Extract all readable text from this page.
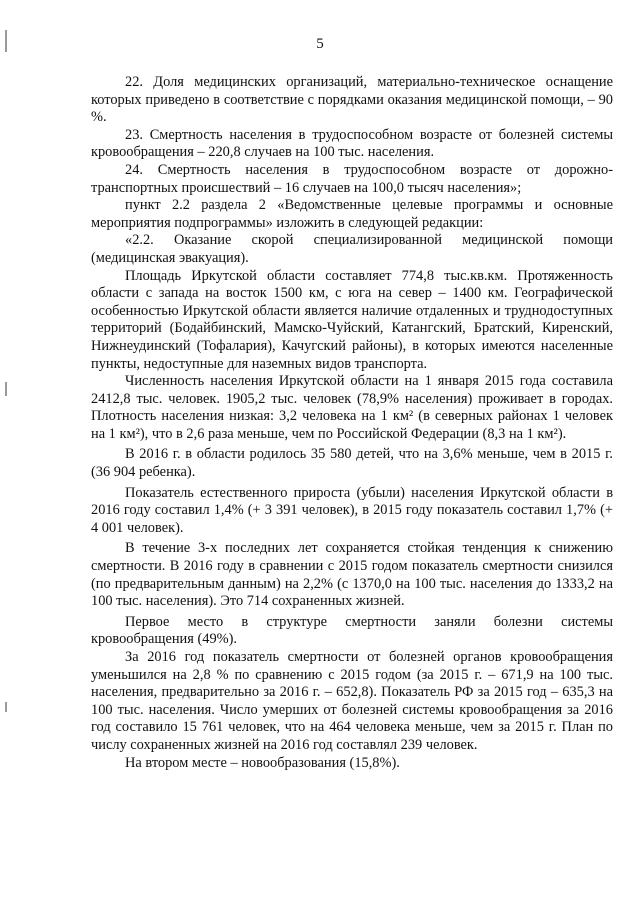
5

22. Доля медицинских организаций, материально-техническое оснащение которых приведено в соответствие с порядками оказания медицинской помощи, – 90 %.

23. Смертность населения в трудоспособном возрасте от болезней системы кровообращения – 220,8 случаев на 100 тыс. населения.

24. Смертность населения в трудоспособном возрасте от дорожно-транспортных происшествий – 16 случаев на 100,0 тысяч населения»;

пункт 2.2 раздела 2 «Ведомственные целевые программы и основные мероприятия подпрограммы» изложить в следующей редакции:

«2.2. Оказание скорой специализированной медицинской помощи (медицинская эвакуация).

Площадь Иркутской области составляет 774,8 тыс.кв.км. Протяженность области с запада на восток 1500 км, с юга на север – 1400 км. Географической особенностью Иркутской области является наличие отдаленных и труднодоступных территорий (Бодайбинский, Мамско-Чуйский, Катангский, Братский, Киренский, Нижнеудинский (Тофалария), Качугский районы), в которых имеются населенные пункты, недоступные для наземных видов транспорта.

Численность населения Иркутской области на 1 января 2015 года составила 2412,8 тыс. человек. 1905,2 тыс. человек (78,9% населения) проживает в городах. Плотность населения низкая: 3,2 человека на 1 км² (в северных районах 1 человек на 1 км²), что в 2,6 раза меньше, чем по Российской Федерации (8,3 на 1 км²).

В 2016 г. в области родилось 35 580 детей, что на 3,6% меньше, чем в 2015 г. (36 904 ребенка).

Показатель естественного прироста (убыли) населения Иркутской области в 2016 году составил 1,4% (+ 3 391 человек), в 2015 году показатель составил 1,7% (+ 4 001 человек).

В течение 3-х последних лет сохраняется стойкая тенденция к снижению смертности. В 2016 году в сравнении с 2015 годом показатель смертности снизился (по предварительным данным) на 2,2% (с 1370,0 на 100 тыс. населения до 1333,2 на 100 тыс. населения). Это 714 сохраненных жизней.

Первое место в структуре смертности заняли болезни системы кровообращения (49%).

За 2016 год показатель смертности от болезней органов кровообращения уменьшился на 2,8 % по сравнению с 2015 годом (за 2015 г. – 671,9 на 100 тыс. населения, предварительно за 2016 г. – 652,8). Показатель РФ за 2015 год – 635,3 на 100 тыс. населения. Число умерших от болезней системы кровообращения за 2016 год составило 15 761 человек, что на 464 человека меньше, чем за 2015 г. План по числу сохраненных жизней на 2016 год составлял 239 человек.

На втором месте – новообразования (15,8%).
